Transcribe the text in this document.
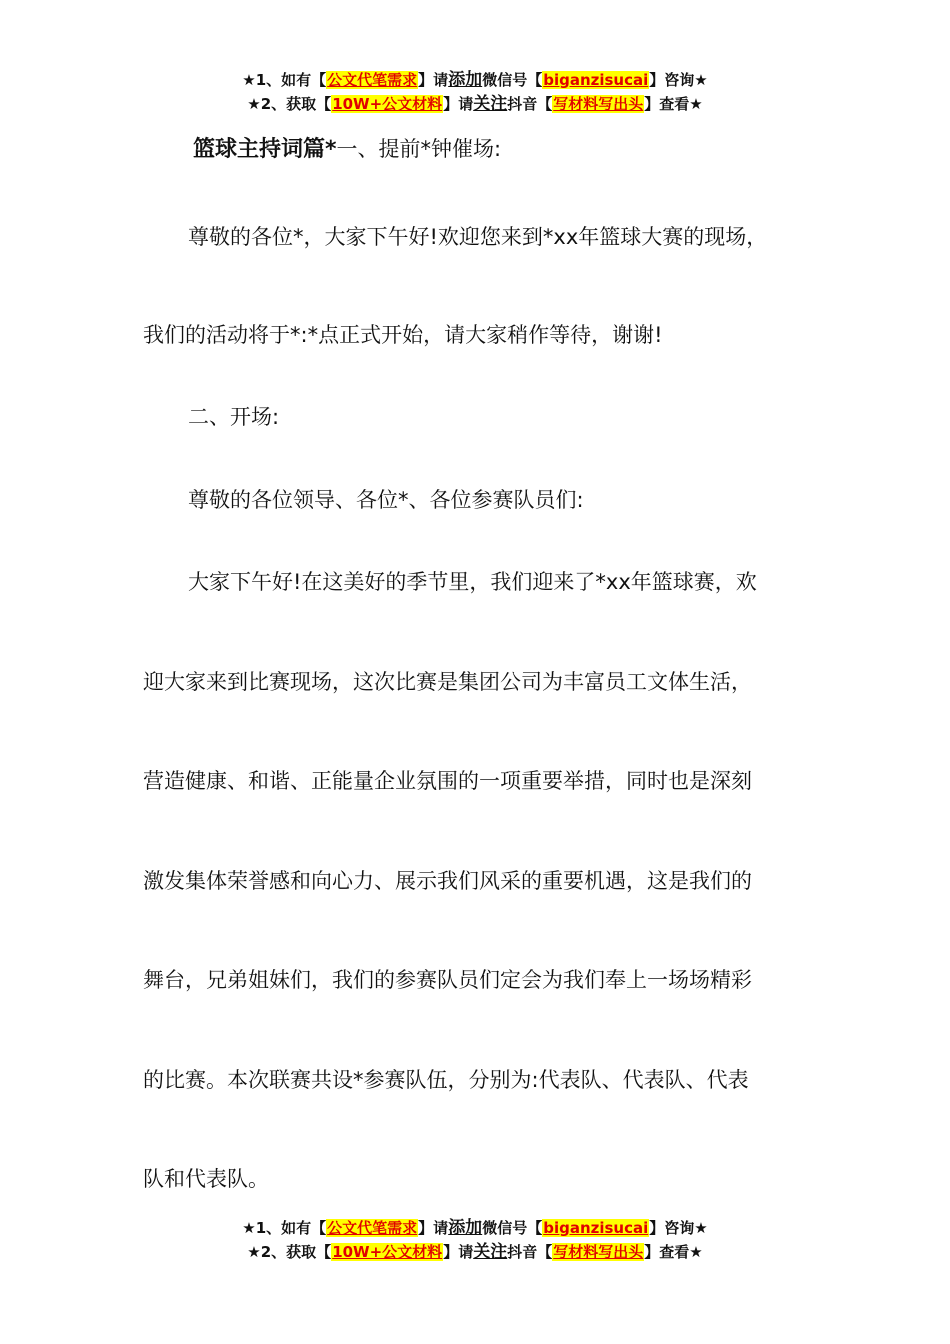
★1、如有【公文代笔需求】请添加微信号【biganzisucai】咨询★
★2、获取【10W+公文材料】请关注抖音【写材料写出头】查看★
篮球主持词篇*一、提前*钟催场:
尊敬的各位*，大家下午好!欢迎您来到*xx年篮球大赛的现场，
我们的活动将于*:*点正式开始，请大家稍作等待，谢谢!
二、开场:
尊敬的各位领导、各位*、各位参赛队员们:
大家下午好!在这美好的季节里，我们迎来了*xx年篮球赛，欢
迎大家来到比赛现场，这次比赛是集团公司为丰富员工文体生活，
营造健康、和谐、正能量企业氛围的一项重要举措，同时也是深刻
激发集体荣誉感和向心力、展示我们风采的重要机遇，这是我们的
舞台，兄弟姐妹们，我们的参赛队员们定会为我们奉上一场场精彩
的比赛。本次联赛共设*参赛队伍，分别为:代表队、代表队、代表
队和代表队。
★1、如有【公文代笔需求】请添加微信号【biganzisucai】咨询★
★2、获取【10W+公文材料】请关注抖音【写材料写出头】查看★
